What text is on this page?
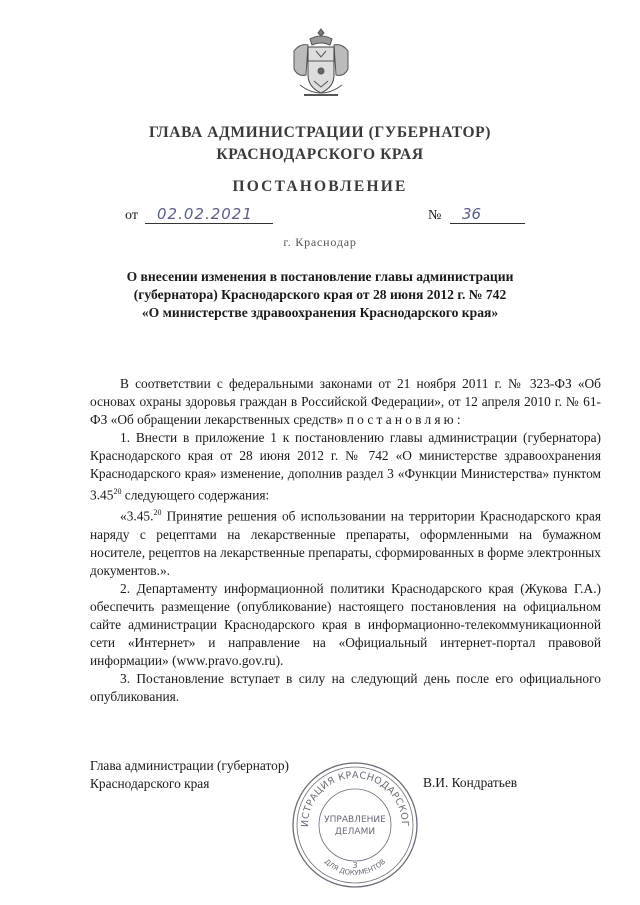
ГЛАВА АДМИНИСТРАЦИИ (ГУБЕРНАТОР)
КРАСНОДАРСКОГО КРАЯ
ПОСТАНОВЛЕНИЕ
от 02.02.2021	№ 36
г. Краснодар
О внесении изменения в постановление главы администрации
(губернатора) Краснодарского края от 28 июня 2012 г. № 742
«О министерстве здравоохранения Краснодарского края»

В соответствии с федеральными законами от 21 ноября 2011 г. № 323-ФЗ «Об основах охраны здоровья граждан в Российской Федерации», от 12 апреля 2010 г. № 61-ФЗ «Об обращении лекарственных средств» постановляю:

1. Внести в приложение 1 к постановлению главы администрации (губернатора) Краснодарского края от 28 июня 2012 г. № 742 «О министерстве здравоохранения Краснодарского края» изменение, дополнив раздел 3 «Функции Министерства» пунктом 3.45$^{20}$ следующего содержания:

«3.45.20 Принятие решения об использовании на территории Краснодарского края наряду с рецептами на лекарственные препараты, оформленными на бумажном носителе, рецептов на лекарственные препараты, сформированных в форме электронных документов.».

2. Департаменту информационной политики Краснодарского края (Жукова Г.А.) обеспечить размещение (опубликование) настоящего постановления на официальном сайте администрации Краснодарского края в информационно-телекоммуникационной сети «Интернет» и направление на «Официальный интернет-портал правовой информации» (www.pravo.gov.ru).

3. Постановление вступает в силу на следующий день после его официального опубликования.

Глава администрации (губернатор)
Краснодарского края	В.И. Кондратьев
ИСТРАЦИЯ КРАСНОДАРСКОГ
ДЛЯ ДОКУМЕНТОВ
УПРАВЛЕНИЕ
ДЕЛАМИ
3
